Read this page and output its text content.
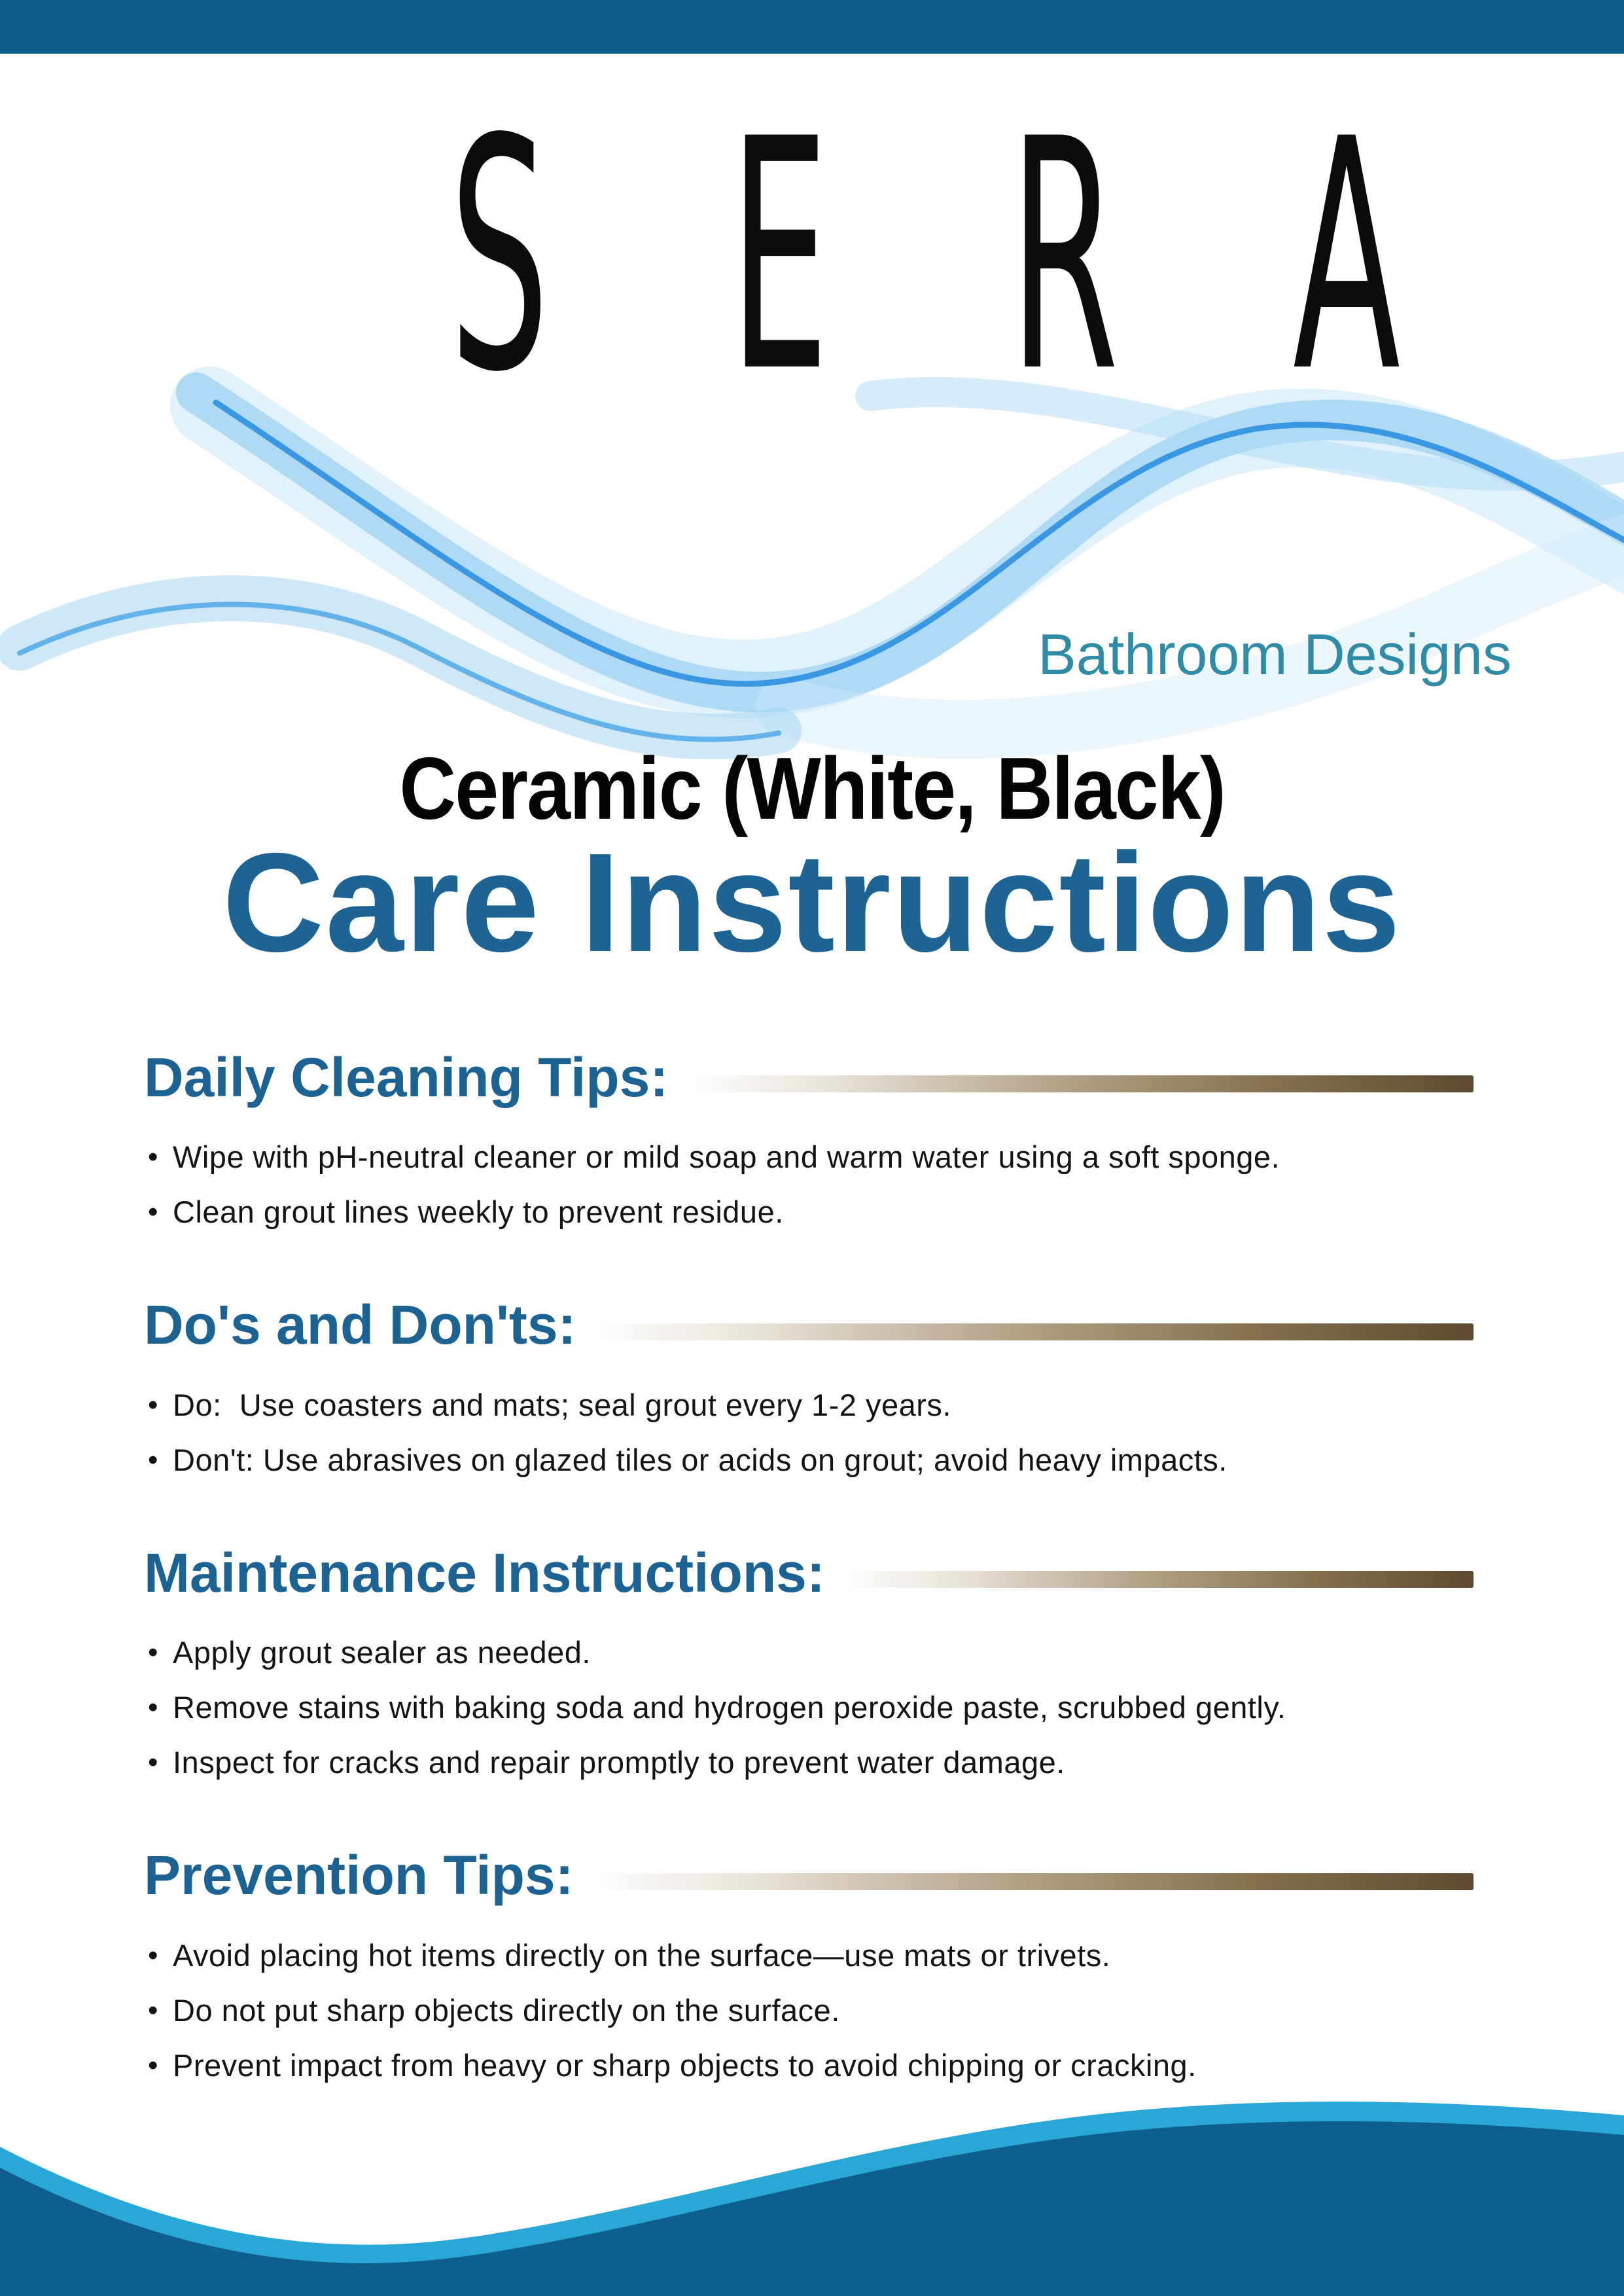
SERA
Bathroom Designs
Ceramic (White, Black)
Care Instructions
Daily Cleaning Tips:
• Wipe with pH-neutral cleaner or mild soap and warm water using a soft sponge.
• Clean grout lines weekly to prevent residue.
Do's and Don'ts:
• Do:  Use coasters and mats; seal grout every 1-2 years.
• Don't: Use abrasives on glazed tiles or acids on grout; avoid heavy impacts.
Maintenance Instructions:
• Apply grout sealer as needed.
• Remove stains with baking soda and hydrogen peroxide paste, scrubbed gently.
• Inspect for cracks and repair promptly to prevent water damage.
Prevention Tips:
• Avoid placing hot items directly on the surface—use mats or trivets.
• Do not put sharp objects directly on the surface.
• Prevent impact from heavy or sharp objects to avoid chipping or cracking.
